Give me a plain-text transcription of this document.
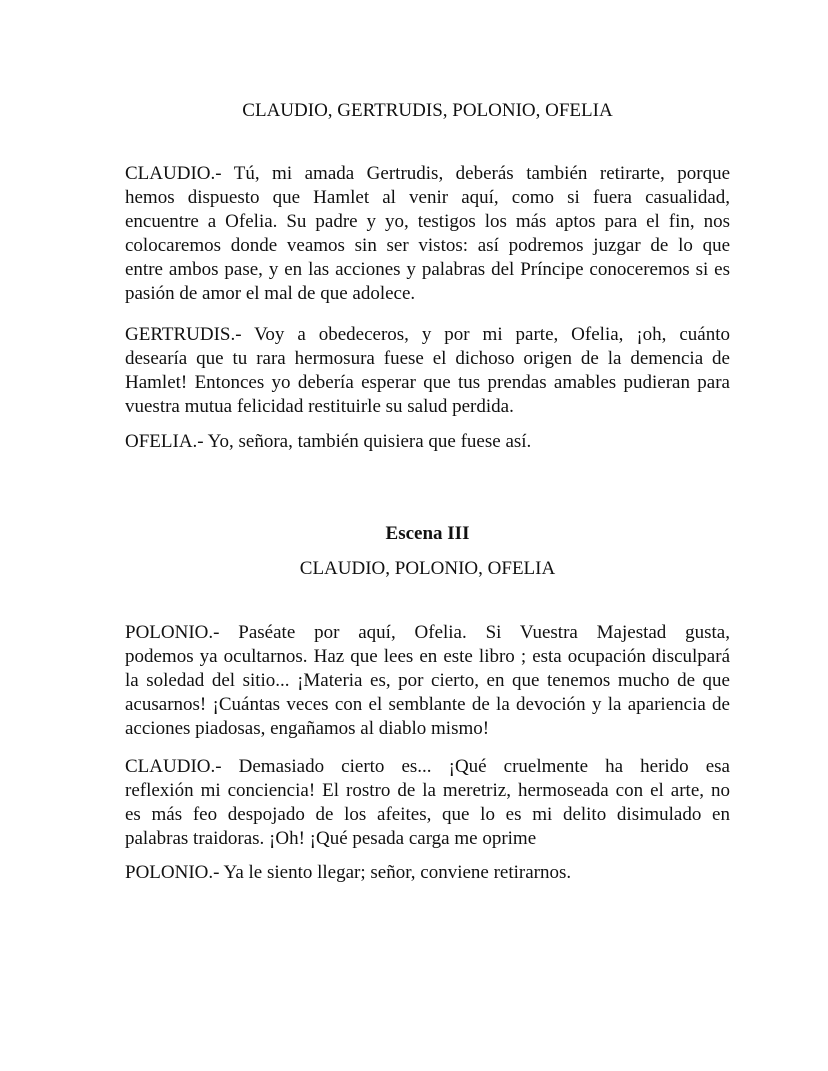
CLAUDIO, GERTRUDIS, POLONIO, OFELIA

CLAUDIO.- Tú, mi amada Gertrudis, deberás también retirarte, porque
hemos dispuesto que Hamlet al venir aquí, como si fuera casualidad,
encuentre a Ofelia. Su padre y yo, testigos los más aptos para el fin, nos
colocaremos donde veamos sin ser vistos: así podremos juzgar de lo que
entre ambos pase, y en las acciones y palabras del Príncipe conoceremos si es
pasión de amor el mal de que adolece.
GERTRUDIS.- Voy a obedeceros, y por mi parte, Ofelia, ¡oh, cuánto
desearía que tu rara hermosura fuese el dichoso origen de la demencia de
Hamlet! Entonces yo debería esperar que tus prendas amables pudieran para
vuestra mutua felicidad restituirle su salud perdida.
OFELIA.- Yo, señora, también quisiera que fuese así.

Escena III

CLAUDIO, POLONIO, OFELIA

POLONIO.- Paséate por aquí, Ofelia. Si Vuestra Majestad gusta,
podemos ya ocultarnos. Haz que lees en este libro ; esta ocupación disculpará
la soledad del sitio... ¡Materia es, por cierto, en que tenemos mucho de que
acusarnos! ¡Cuántas veces con el semblante de la devoción y la apariencia de
acciones piadosas, engañamos al diablo mismo!
CLAUDIO.- Demasiado cierto es... ¡Qué cruelmente ha herido esa
reflexión mi conciencia! El rostro de la meretriz, hermoseada con el arte, no
es más feo despojado de los afeites, que lo es mi delito disimulado en
palabras traidoras. ¡Oh! ¡Qué pesada carga me oprime
POLONIO.- Ya le siento llegar; señor, conviene retirarnos.
